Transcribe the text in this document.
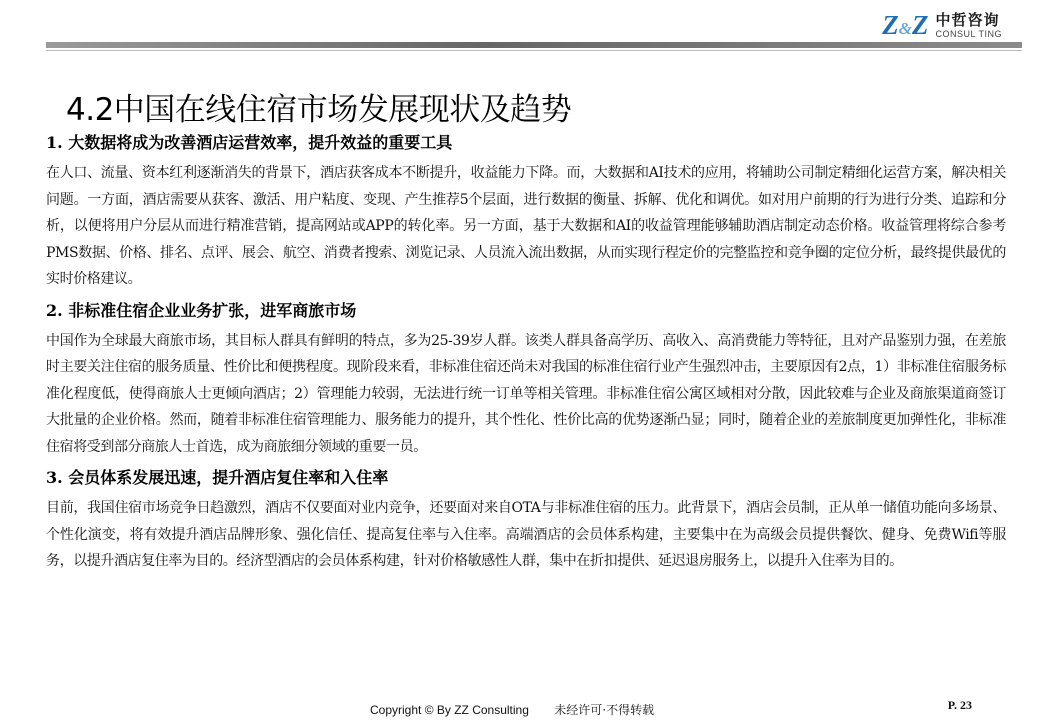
Z&Z 中哲咨询
CONSUL TING
4.2中国在线住宿市场发展现状及趋势
1. 大数据将成为改善酒店运营效率，提升效益的重要工具

在人口、流量、资本红利逐渐消失的背景下，酒店获客成本不断提升，收益能力下降。而，大数据和AI技术的应用，将辅助公司制定精细化运营方案，解决相关问题。一方面，酒店需要从获客、激活、用户粘度、变现、产生推荐5个层面，进行数据的衡量、拆解、优化和调优。如对用户前期的行为进行分类、追踪和分析，以便将用户分层从而进行精准营销，提高网站或APP的转化率。另一方面，基于大数据和AI的收益管理能够辅助酒店制定动态价格。收益管理将综合参考PMS数据、价格、排名、点评、展会、航空、消费者搜索、浏览记录、人员流入流出数据，从而实现行程定价的完整监控和竞争圈的定位分析，最终提供最优的实时价格建议。

2. 非标准住宿企业业务扩张，进军商旅市场

中国作为全球最大商旅市场，其目标人群具有鲜明的特点，多为25-39岁人群。该类人群具备高学历、高收入、高消费能力等特征，且对产品鉴别力强，在差旅时主要关注住宿的服务质量、性价比和便携程度。现阶段来看，非标准住宿还尚未对我国的标准住宿行业产生强烈冲击，主要原因有2点，1）非标准住宿服务标准化程度低，使得商旅人士更倾向酒店；2）管理能力较弱，无法进行统一订单等相关管理。非标准住宿公寓区域相对分散，因此较难与企业及商旅渠道商签订大批量的企业价格。然而，随着非标准住宿管理能力、服务能力的提升，其个性化、性价比高的优势逐渐凸显；同时，随着企业的差旅制度更加弹性化，非标准住宿将受到部分商旅人士首选，成为商旅细分领域的重要一员。

3. 会员体系发展迅速，提升酒店复住率和入住率

目前，我国住宿市场竞争日趋激烈，酒店不仅要面对业内竞争，还要面对来自OTA与非标准住宿的压力。此背景下，酒店会员制，正从单一储值功能向多场景、个性化演变，将有效提升酒店品牌形象、强化信任、提高复住率与入住率。高端酒店的会员体系构建，主要集中在为高级会员提供餐饮、健身、免费Wifi等服务，以提升酒店复住率为目的。经济型酒店的会员体系构建，针对价格敏感性人群，集中在折扣提供、延迟退房服务上，以提升入住率为目的。

Copyright © By ZZ Consulting 未经许可·不得转载	P. 23
